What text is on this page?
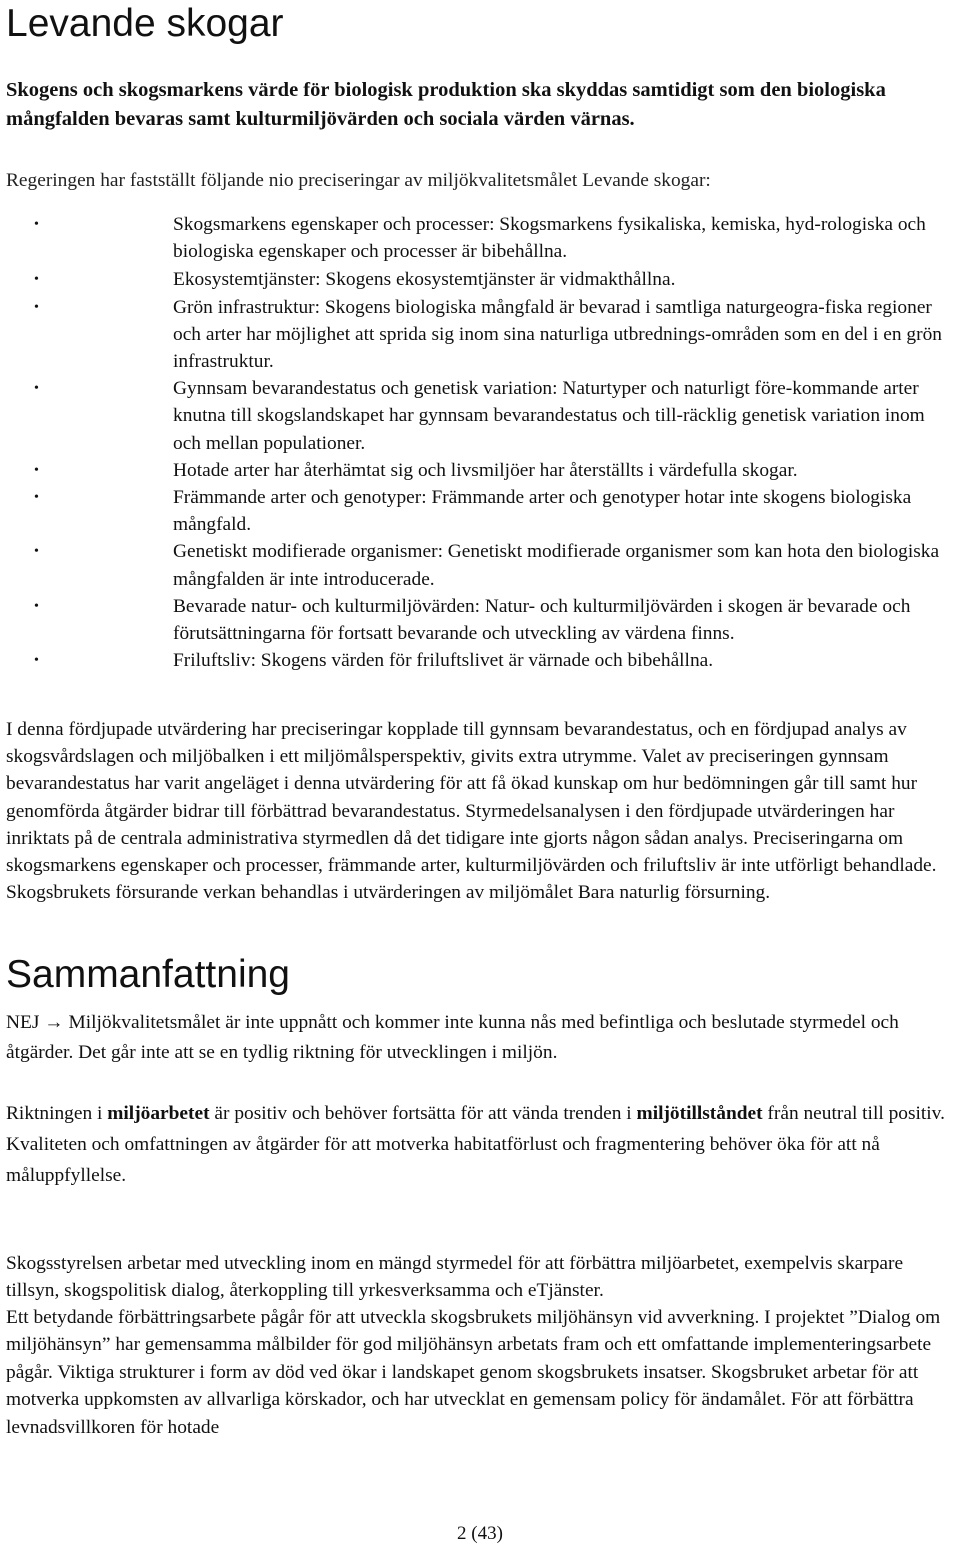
Levande skogar

Skogens och skogsmarkens värde för biologisk produktion ska skyddas samtidigt som den biologiska mångfalden bevaras samt kulturmiljövärden och sociala värden värnas.

Regeringen har fastställt följande nio preciseringar av miljökvalitetsmålet Levande skogar:

•	Skogsmarkens egenskaper och processer: Skogsmarkens fysikaliska, kemiska, hyd-rologiska och biologiska egenskaper och processer är bibehållna.
•	Ekosystemtjänster: Skogens ekosystemtjänster är vidmakthållna.
•	Grön infrastruktur: Skogens biologiska mångfald är bevarad i samtliga naturgeogra-fiska regioner och arter har möjlighet att sprida sig inom sina naturliga utbrednings-områden som en del i en grön infrastruktur.
•	Gynnsam bevarandestatus och genetisk variation: Naturtyper och naturligt före-kommande arter knutna till skogslandskapet har gynnsam bevarandestatus och till-räcklig genetisk variation inom och mellan populationer.
•	Hotade arter har återhämtat sig och livsmiljöer har återställts i värdefulla skogar.
•	Främmande arter och genotyper: Främmande arter och genotyper hotar inte skogens biologiska mångfald.
•	Genetiskt modifierade organismer: Genetiskt modifierade organismer som kan hota den biologiska mångfalden är inte introducerade.
•	Bevarade natur- och kulturmiljövärden: Natur- och kulturmiljövärden i skogen är bevarade och förutsättningarna för fortsatt bevarande och utveckling av värdena finns.
•	Friluftsliv: Skogens värden för friluftslivet är värnade och bibehållna.

I denna fördjupade utvärdering har preciseringar kopplade till gynnsam bevarandestatus, och en fördjupad analys av skogsvårdslagen och miljöbalken i ett miljömålsperspektiv, givits extra utrymme. Valet av preciseringen gynnsam bevarandestatus har varit angeläget i denna utvärdering för att få ökad kunskap om hur bedömningen går till samt hur genomförda åtgärder bidrar till förbättrad bevarandestatus. Styrmedelsanalysen i den fördjupade utvärderingen har inriktats på de centrala administrativa styrmedlen då det tidigare inte gjorts någon sådan analys. Preciseringarna om skogsmarkens egenskaper och processer, främmande arter, kulturmiljövärden och friluftsliv är inte utförligt behandlade. Skogsbrukets försurande verkan behandlas i utvärderingen av miljömålet Bara naturlig försurning.

Sammanfattning

NEJ → Miljökvalitetsmålet är inte uppnått och kommer inte kunna nås med befintliga och beslutade styrmedel och åtgärder. Det går inte att se en tydlig riktning för utvecklingen i miljön.

Riktningen i miljöarbetet är positiv och behöver fortsätta för att vända trenden i miljötillståndet från neutral till positiv. Kvaliteten och omfattningen av åtgärder för att motverka habitatförlust och fragmentering behöver öka för att nå måluppfyllelse.

Skogsstyrelsen arbetar med utveckling inom en mängd styrmedel för att förbättra miljöarbetet, exempelvis skarpare tillsyn, skogspolitisk dialog, återkoppling till yrkesverksamma och eTjänster.

Ett betydande förbättringsarbete pågår för att utveckla skogsbrukets miljöhänsyn vid avverkning. I projektet ”Dialog om miljöhänsyn” har gemensamma målbilder för god miljöhänsyn arbetats fram och ett omfattande implementeringsarbete pågår. Viktiga strukturer i form av död ved ökar i landskapet genom skogsbrukets insatser. Skogsbruket arbetar för att motverka uppkomsten av allvarliga körskador, och har utvecklat en gemensam policy för ändamålet. För att förbättra levnadsvillkoren för hotade

2 (43)
